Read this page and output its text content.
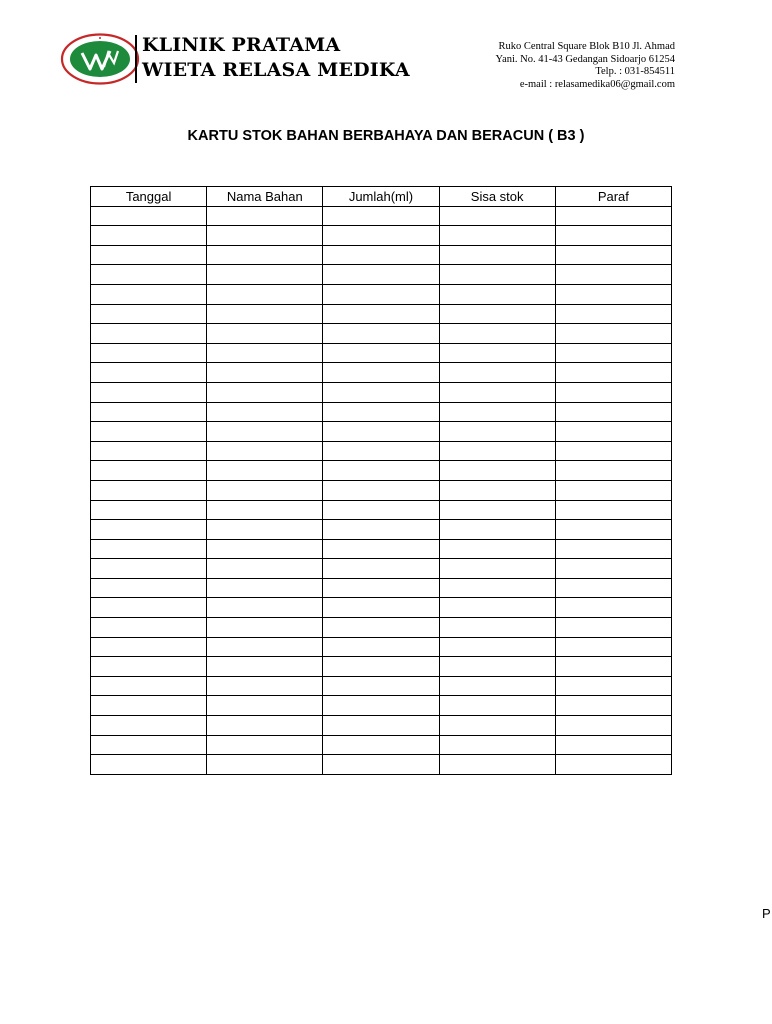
KLINIK PRATAMA
WIETA RELASA MEDIKA
Ruko Central Square Blok B10 Jl. Ahmad
Yani. No. 41-43 Gedangan Sidoarjo 61254
Telp. : 031-854511
e-mail : relasamedika06@gmail.com
KARTU STOK BAHAN BERBAHAYA DAN BERACUN ( B3 )
Tanggal	Nama Bahan	Jumlah(ml)	Sisa stok	Paraf

P
